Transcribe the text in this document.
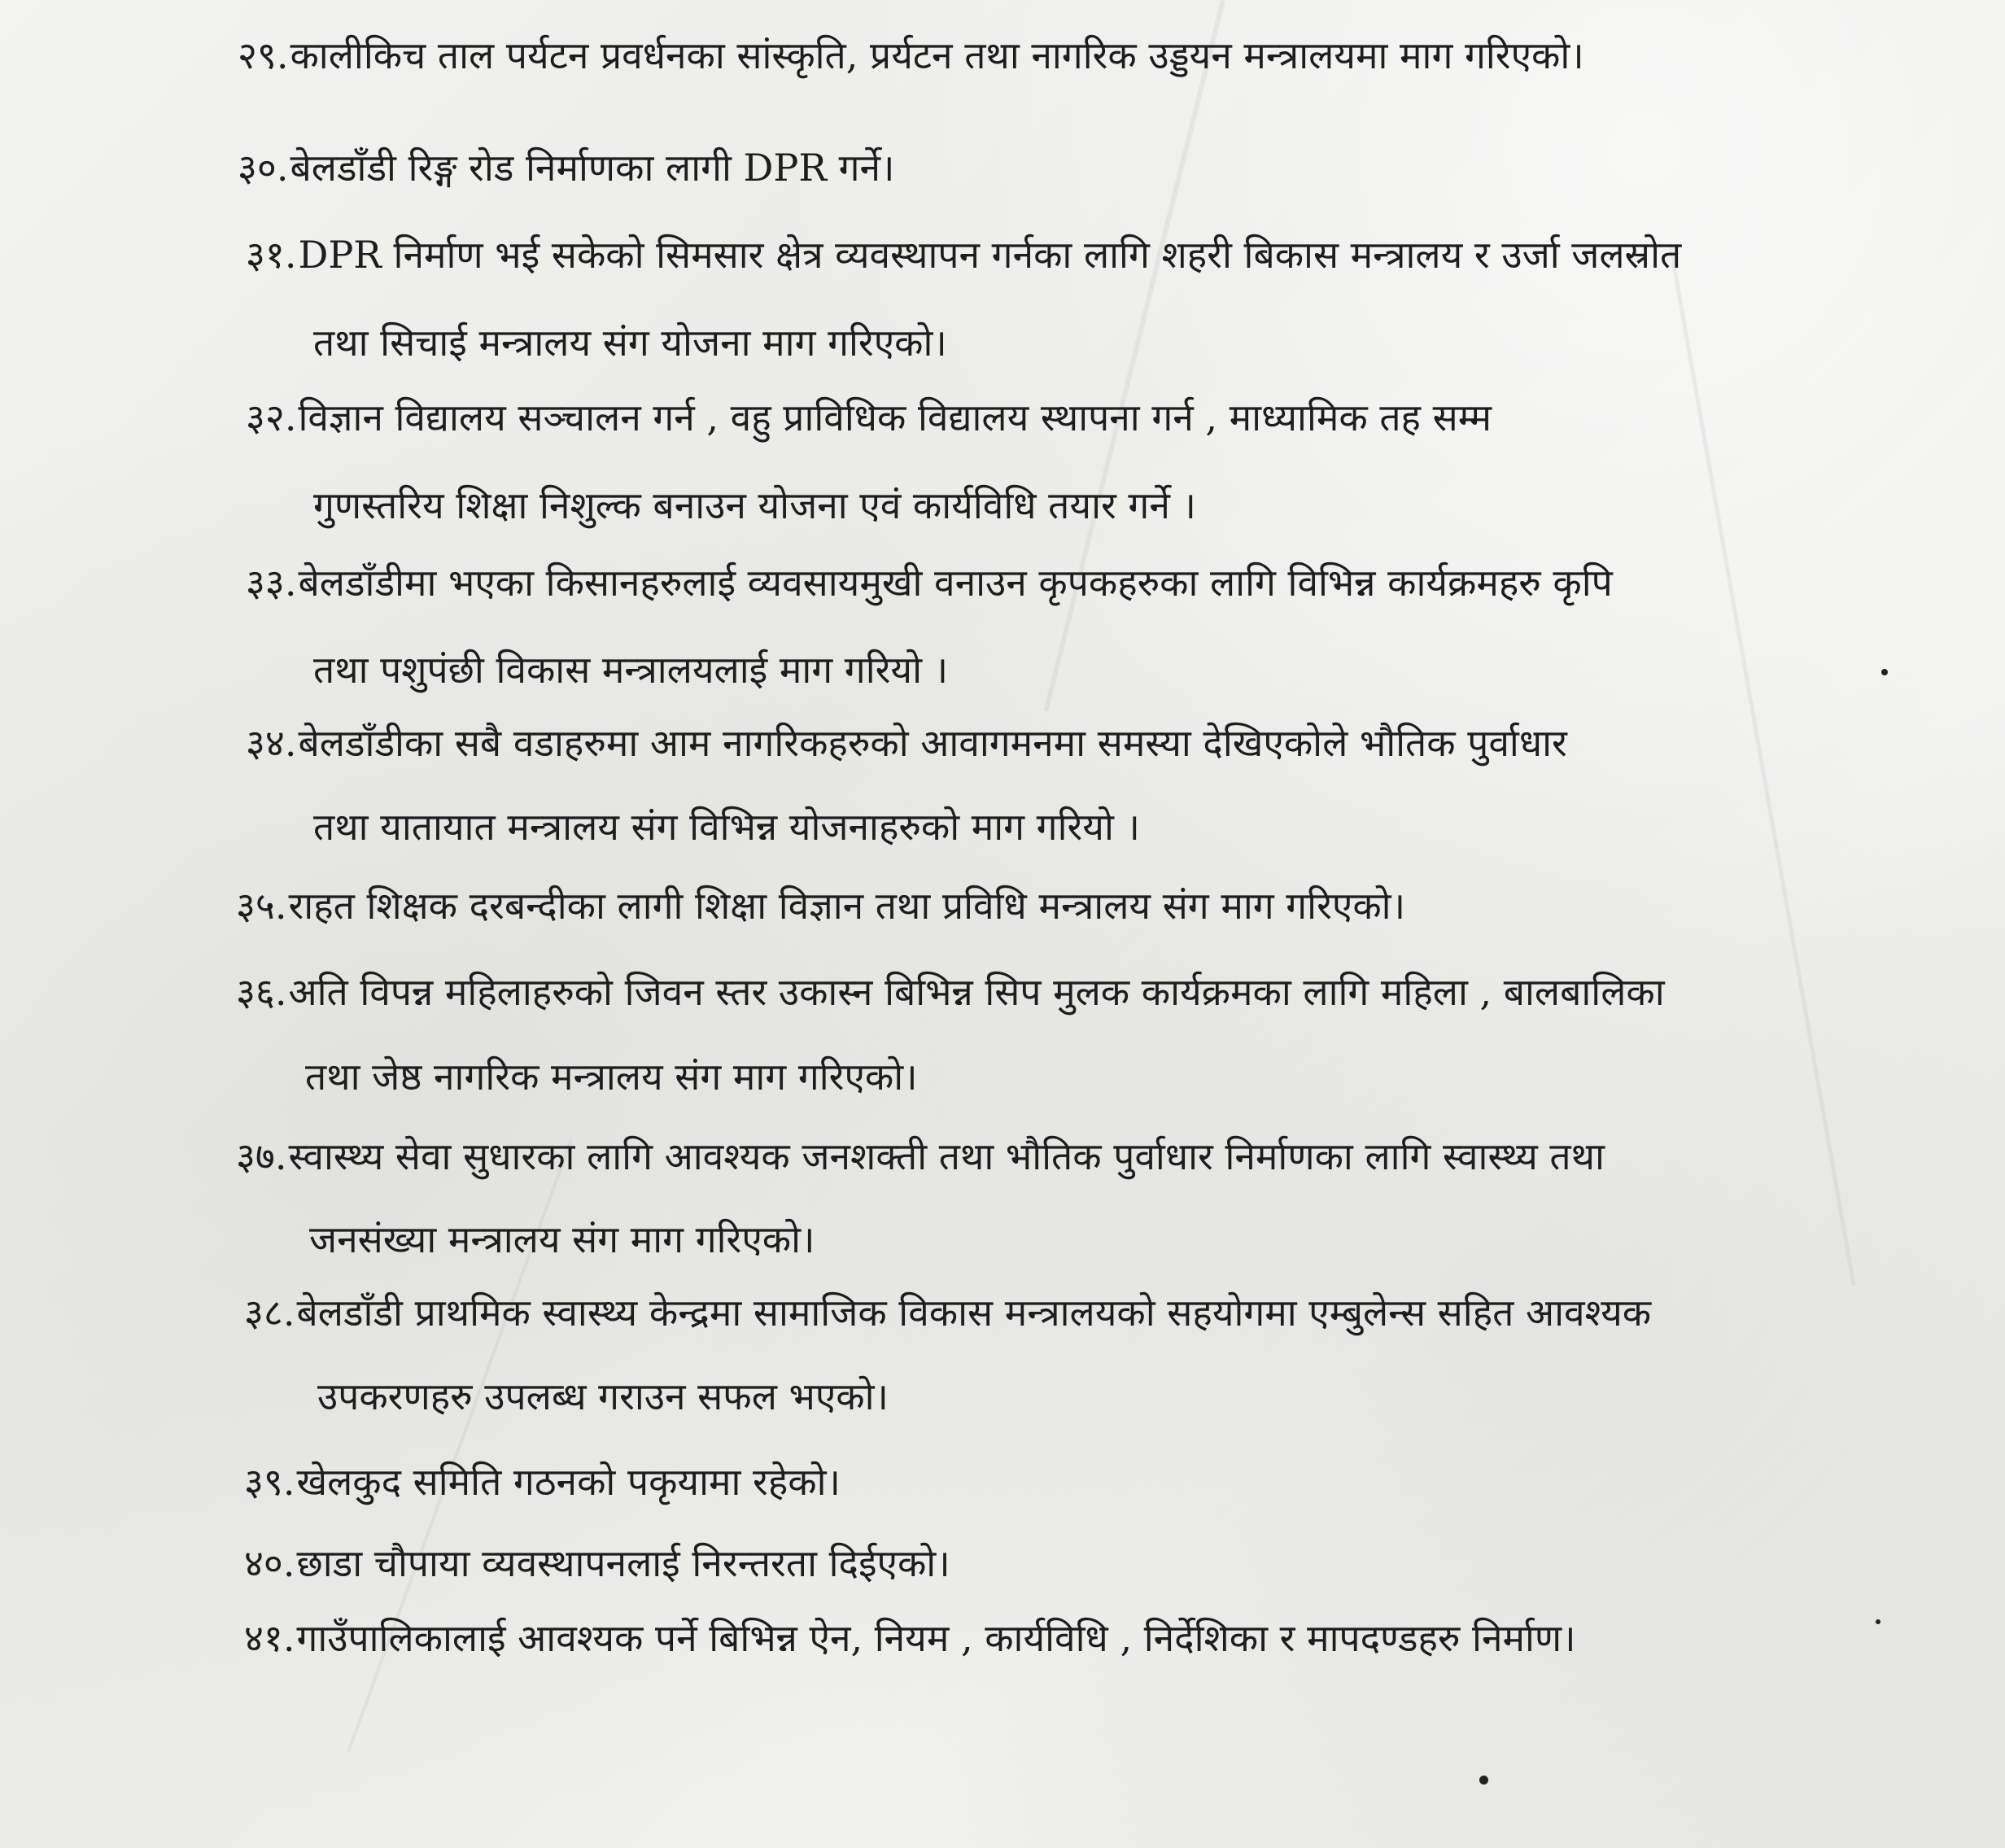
२९.कालीकिच ताल पर्यटन प्रवर्धनका सांस्कृति, प्रर्यटन तथा नागरिक उड्डयन मन्त्रालयमा माग गरिएको।
३०.बेलडाँडी रिङ्ग रोड निर्माणका लागी DPR गर्ने।
३१.DPR निर्माण भई सकेको सिमसार क्षेत्र व्यवस्थापन गर्नका लागि शहरी बिकास मन्त्रालय र उर्जा जलस्रोत
तथा सिचाई मन्त्रालय संग योजना माग गरिएको।
३२.विज्ञान विद्यालय सञ्चालन गर्न , वहु प्राविधिक विद्यालय स्थापना गर्न , माध्यामिक तह सम्म
गुणस्तरिय शिक्षा निशुल्क बनाउन योजना एवं कार्यविधि तयार गर्ने ।
३३.बेलडाँडीमा भएका किसानहरुलाई व्यवसायमुखी वनाउन कृपकहरुका लागि विभिन्न कार्यक्रमहरु कृपि
तथा पशुपंछी विकास मन्त्रालयलाई माग गरियो ।
३४.बेलडाँडीका सबै वडाहरुमा आम नागरिकहरुको आवागमनमा समस्या देखिएकोले भौतिक पुर्वाधार
तथा यातायात मन्त्रालय संग विभिन्न योजनाहरुको माग गरियो ।
३५.राहत शिक्षक दरबन्दीका लागी शिक्षा विज्ञान तथा प्रविधि मन्त्रालय संग माग गरिएको।
३६.अति विपन्न महिलाहरुको जिवन स्तर उकास्न बिभिन्न सिप मुलक कार्यक्रमका लागि महिला , बालबालिका
तथा जेष्ठ नागरिक मन्त्रालय संग माग गरिएको।
३७.स्वास्थ्य सेवा सुधारका लागि आवश्यक जनशक्ती तथा भौतिक पुर्वाधार निर्माणका लागि स्वास्थ्य तथा
जनसंख्या मन्त्रालय संग माग गरिएको।
३८.बेलडाँडी प्राथमिक स्वास्थ्य केन्द्रमा सामाजिक विकास मन्त्रालयको सहयोगमा एम्बुलेन्स सहित आवश्यक
उपकरणहरु उपलब्ध गराउन सफल भएको।
३९.खेलकुद समिति गठनको पकृयामा रहेको।
४०.छाडा चौपाया व्यवस्थापनलाई निरन्तरता दिईएको।
४१.गाउँपालिकालाई आवश्यक पर्ने बिभिन्न ऐन, नियम , कार्यविधि , निर्देशिका र मापदण्डहरु निर्माण।
